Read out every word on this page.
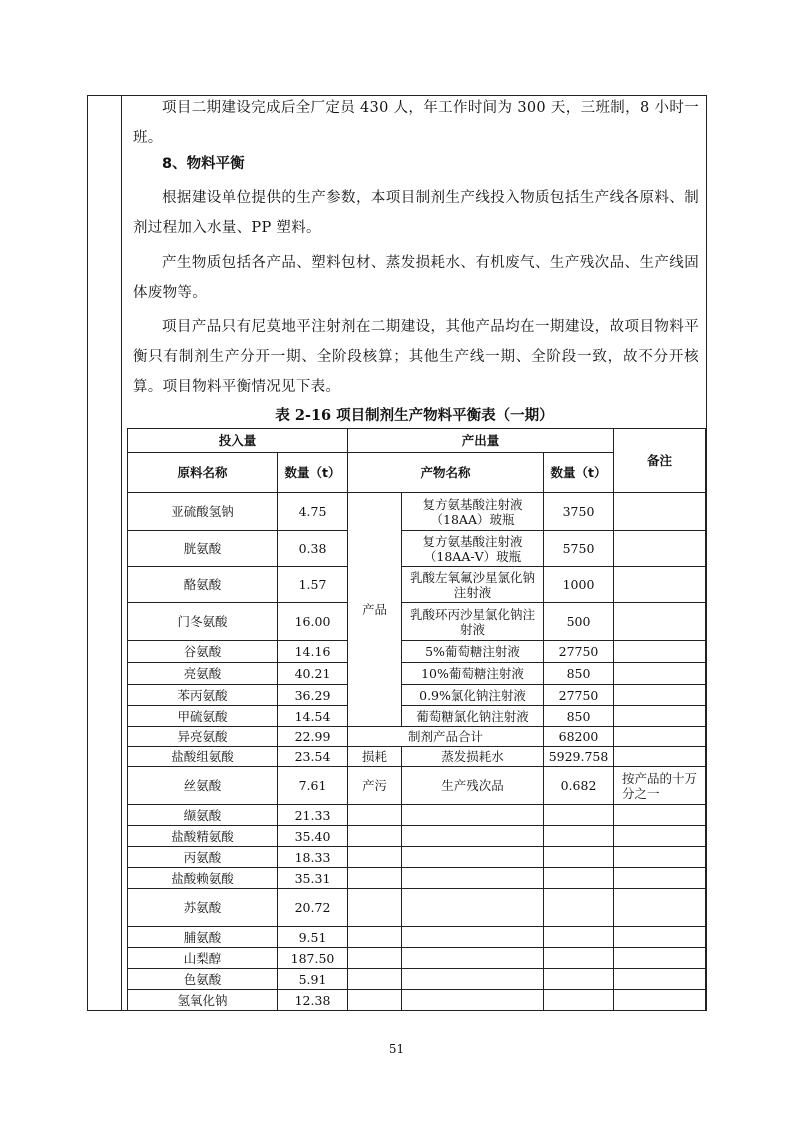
项目二期建设完成后全厂定员 430 人，年工作时间为 300 天，三班制，8 小时一班。

8、物料平衡

根据建设单位提供的生产参数，本项目制剂生产线投入物质包括生产线各原料、制剂过程加入水量、PP 塑料。

产生物质包括各产品、塑料包材、蒸发损耗水、有机废气、生产残次品、生产线固体废物等。

项目产品只有尼莫地平注射剂在二期建设，其他产品均在一期建设，故项目物料平衡只有制剂生产分开一期、全阶段核算；其他生产线一期、全阶段一致，故不分开核算。项目物料平衡情况见下表。

表 2-16 项目制剂生产物料平衡表（一期）

投入量		产出量			备注
原料名称	数量（t）	产物名称		数量（t）	
亚硫酸氢钠	4.75	产品	复方氨基酸注射液（18AA）玻瓶	3750	
胱氨酸	0.38		复方氨基酸注射液（18AA-Ⅴ）玻瓶	5750	
酪氨酸	1.57		乳酸左氧氟沙星氯化钠注射液	1000	
门冬氨酸	16.00		乳酸环丙沙星氯化钠注射液	500	
谷氨酸	14.16		5%葡萄糖注射液	27750	
亮氨酸	40.21		10%葡萄糖注射液	850	
苯丙氨酸	36.29		0.9%氯化钠注射液	27750	
甲硫氨酸	14.54		葡萄糖氯化钠注射液	850	
异亮氨酸	22.99	制剂产品合计		68200	
盐酸组氨酸	23.54	损耗	蒸发损耗水	5929.758	
丝氨酸	7.61	产污	生产残次品	0.682	按产品的十万分之一
缬氨酸	21.33				
盐酸精氨酸	35.40				
丙氨酸	18.33				
盐酸赖氨酸	35.31				
苏氨酸	20.72				
脯氨酸	9.51				
山梨醇	187.50				
色氨酸	5.91				
氢氧化钠	12.38				
51
